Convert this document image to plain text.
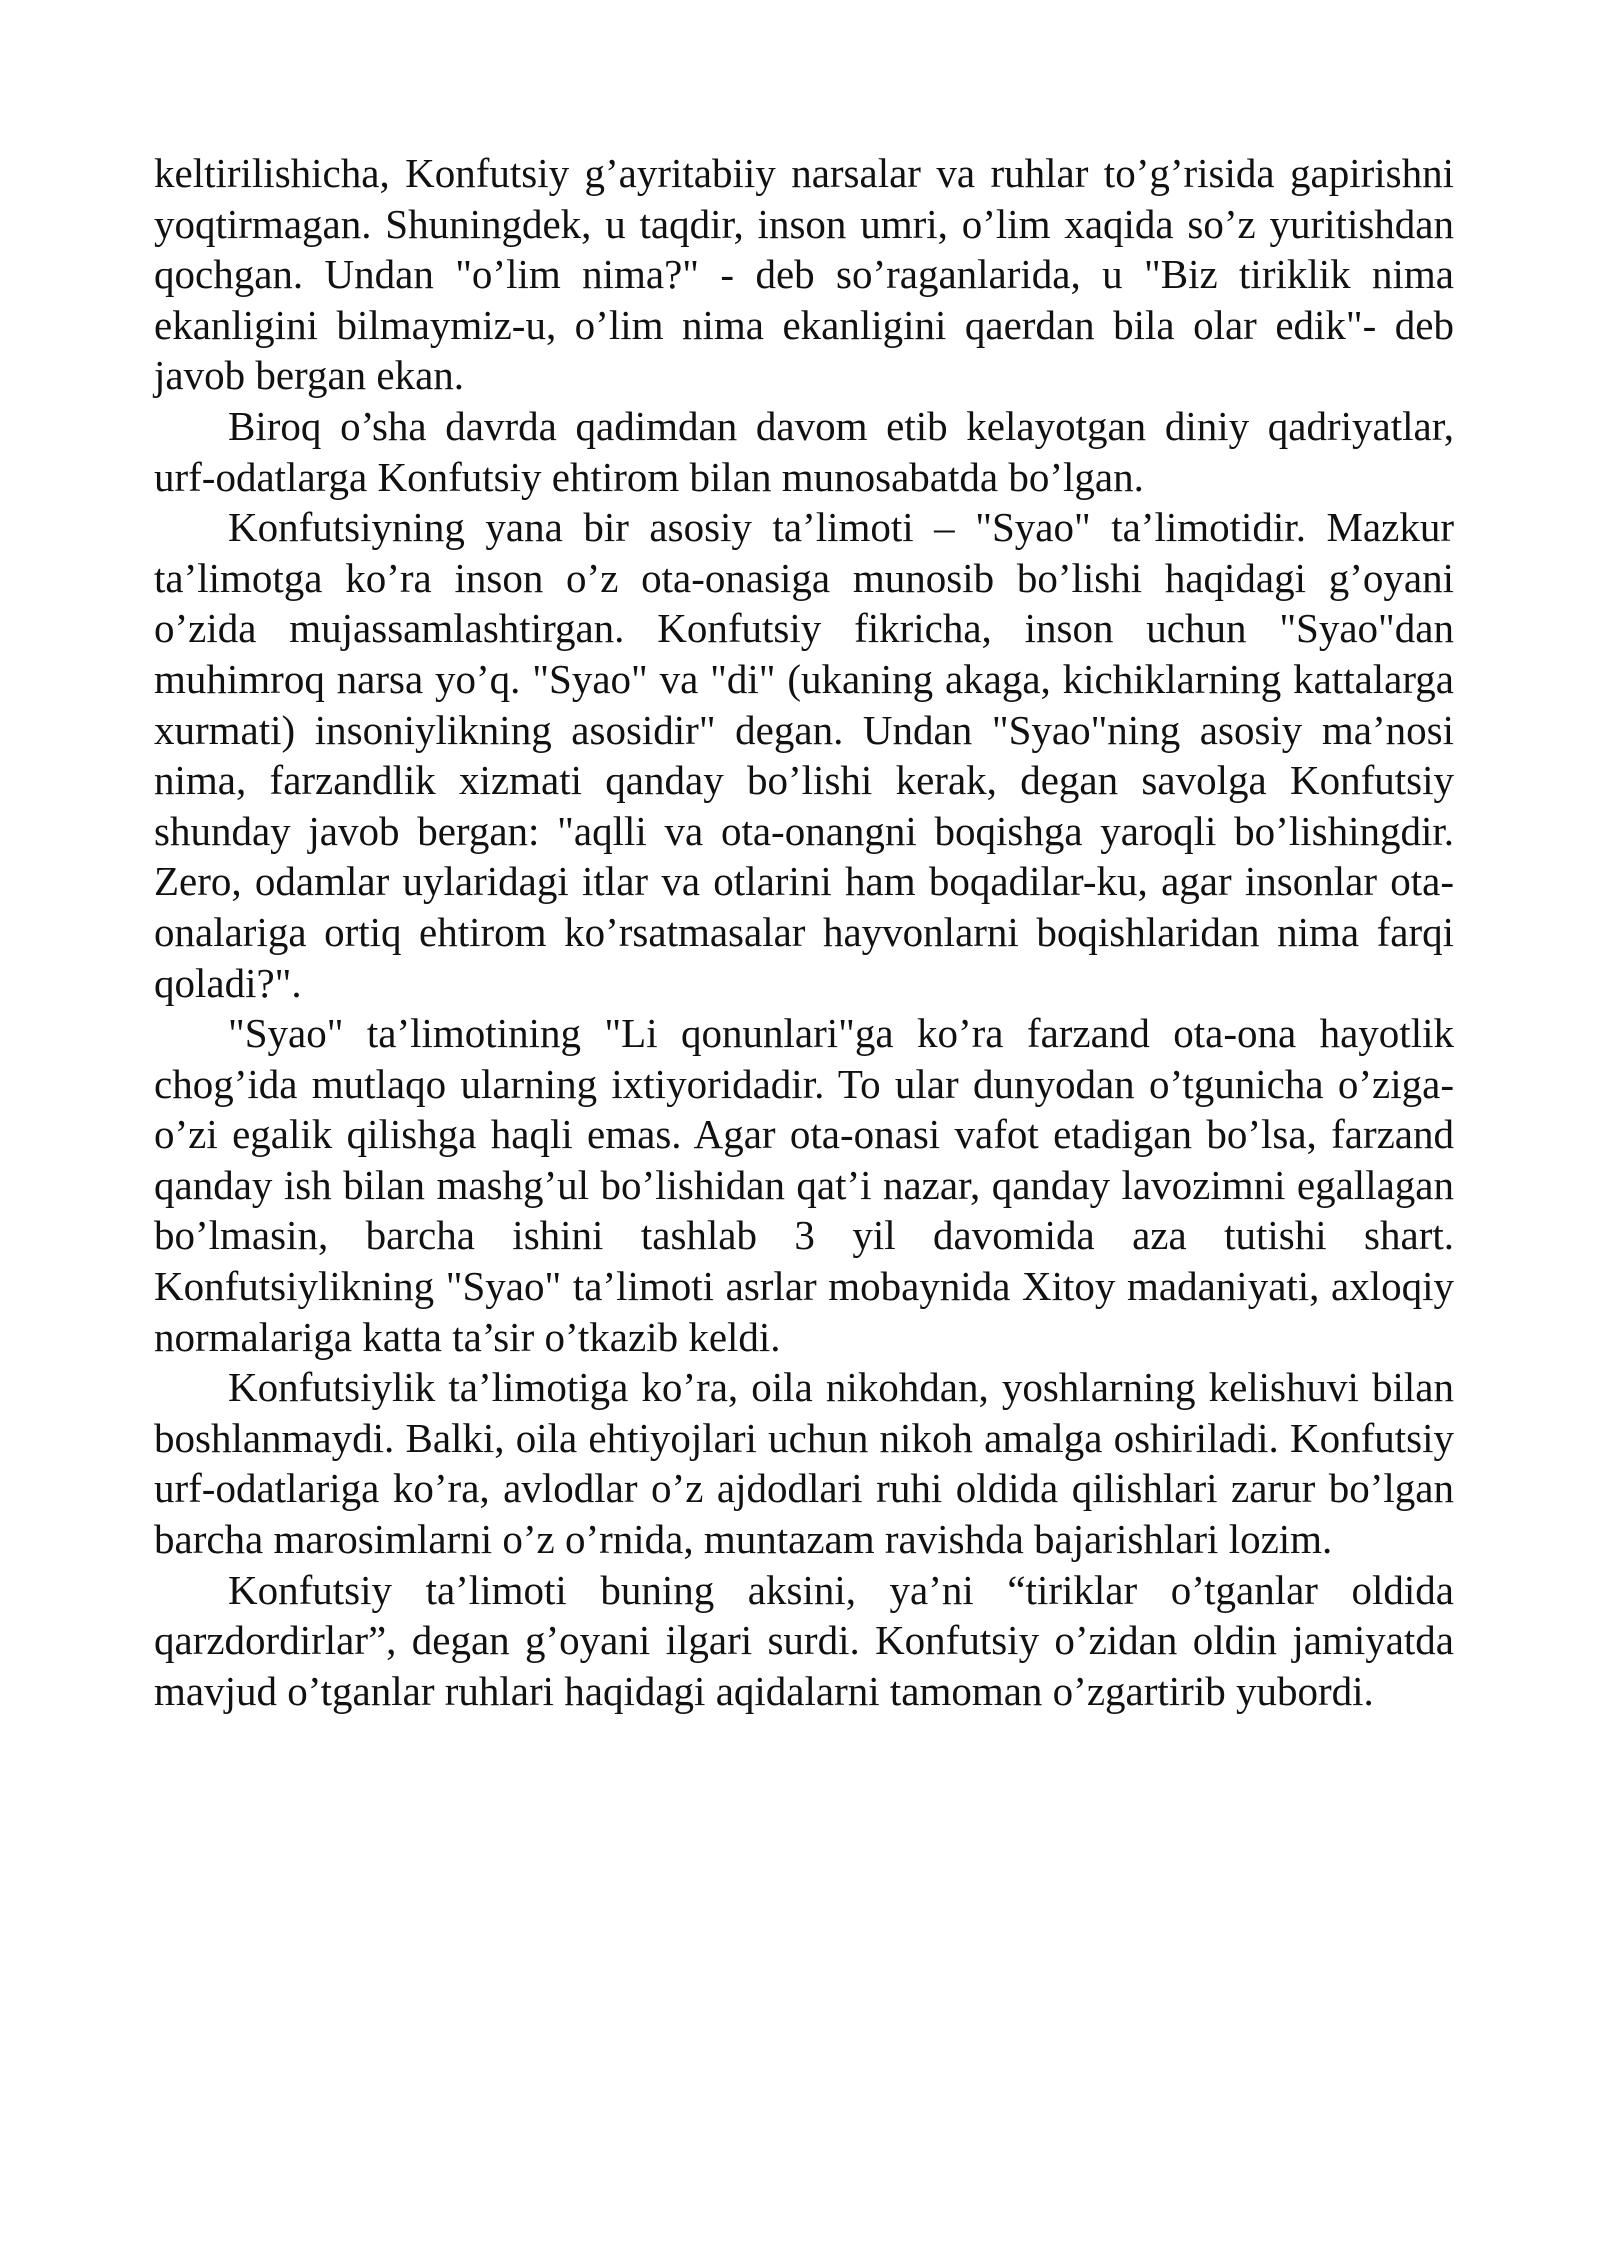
keltirilishicha, Konfutsiy g’ayritabiiy narsalar va ruhlar to’g’risida gapirishni yoqtirmagan. Shuningdek, u taqdir, inson umri, o’lim xaqida so’z yuritishdan qochgan. Undan "o’lim nima?" - deb so’raganlarida, u "Biz tiriklik nima ekanligini bilmaymiz-u, o’lim nima ekanligini qaerdan bila olar edik"- deb javob bergan ekan.

Biroq o’sha davrda qadimdan davom etib kelayotgan diniy qadriyatlar, urf-odatlarga Konfutsiy ehtirom bilan munosabatda bo’lgan.

Konfutsiyning yana bir asosiy ta’limoti – "Syao" ta’limotidir. Mazkur ta’limotga ko’ra inson o’z ota-onasiga munosib bo’lishi haqidagi g’oyani o’zida mujassamlashtirgan. Konfutsiy fikricha, inson uchun "Syao"dan muhimroq narsa yo’q. "Syao" va "di" (ukaning akaga, kichiklarning kattalarga xurmati) insoniylikning asosidir" degan. Undan "Syao"ning asosiy ma’nosi nima, farzandlik xizmati qanday bo’lishi kerak, degan savolga Konfutsiy shunday javob bergan: "aqlli va ota-onangni boqishga yaroqli bo’lishingdir. Zero, odamlar uylaridagi itlar va otlarini ham boqadilar-ku, agar insonlar ota-onalariga ortiq ehtirom ko’rsatmasalar hayvonlarni boqishlaridan nima farqi qoladi?".

"Syao" ta’limotining "Li qonunlari"ga ko’ra farzand ota-ona hayotlik chog’ida mutlaqo ularning ixtiyoridadir. To ular dunyodan o’tgunicha o’ziga-o’zi egalik qilishga haqli emas. Agar ota-onasi vafot etadigan bo’lsa, farzand qanday ish bilan mashg’ul bo’lishidan qat’i nazar, qanday lavozimni egallagan bo’lmasin, barcha ishini tashlab 3 yil davomida aza tutishi shart. Konfutsiylikning "Syao" ta’limoti asrlar mobaynida Xitoy madaniyati, axloqiy normalariga katta ta’sir o’tkazib keldi.

Konfutsiylik ta’limotiga ko’ra, oila nikohdan, yoshlarning kelishuvi bilan boshlanmaydi. Balki, oila ehtiyojlari uchun nikoh amalga oshiriladi. Konfutsiy urf-odatlariga ko’ra, avlodlar o’z ajdodlari ruhi oldida qilishlari zarur bo’lgan barcha marosimlarni o’z o’rnida, muntazam ravishda bajarishlari lozim.

Konfutsiy ta’limoti buning aksini, ya’ni “tiriklar o’tganlar oldida qarzdordirlar”, degan g’oyani ilgari surdi. Konfutsiy o’zidan oldin jamiyatda mavjud o’tganlar ruhlari haqidagi aqidalarni tamoman o’zgartirib yubordi.
